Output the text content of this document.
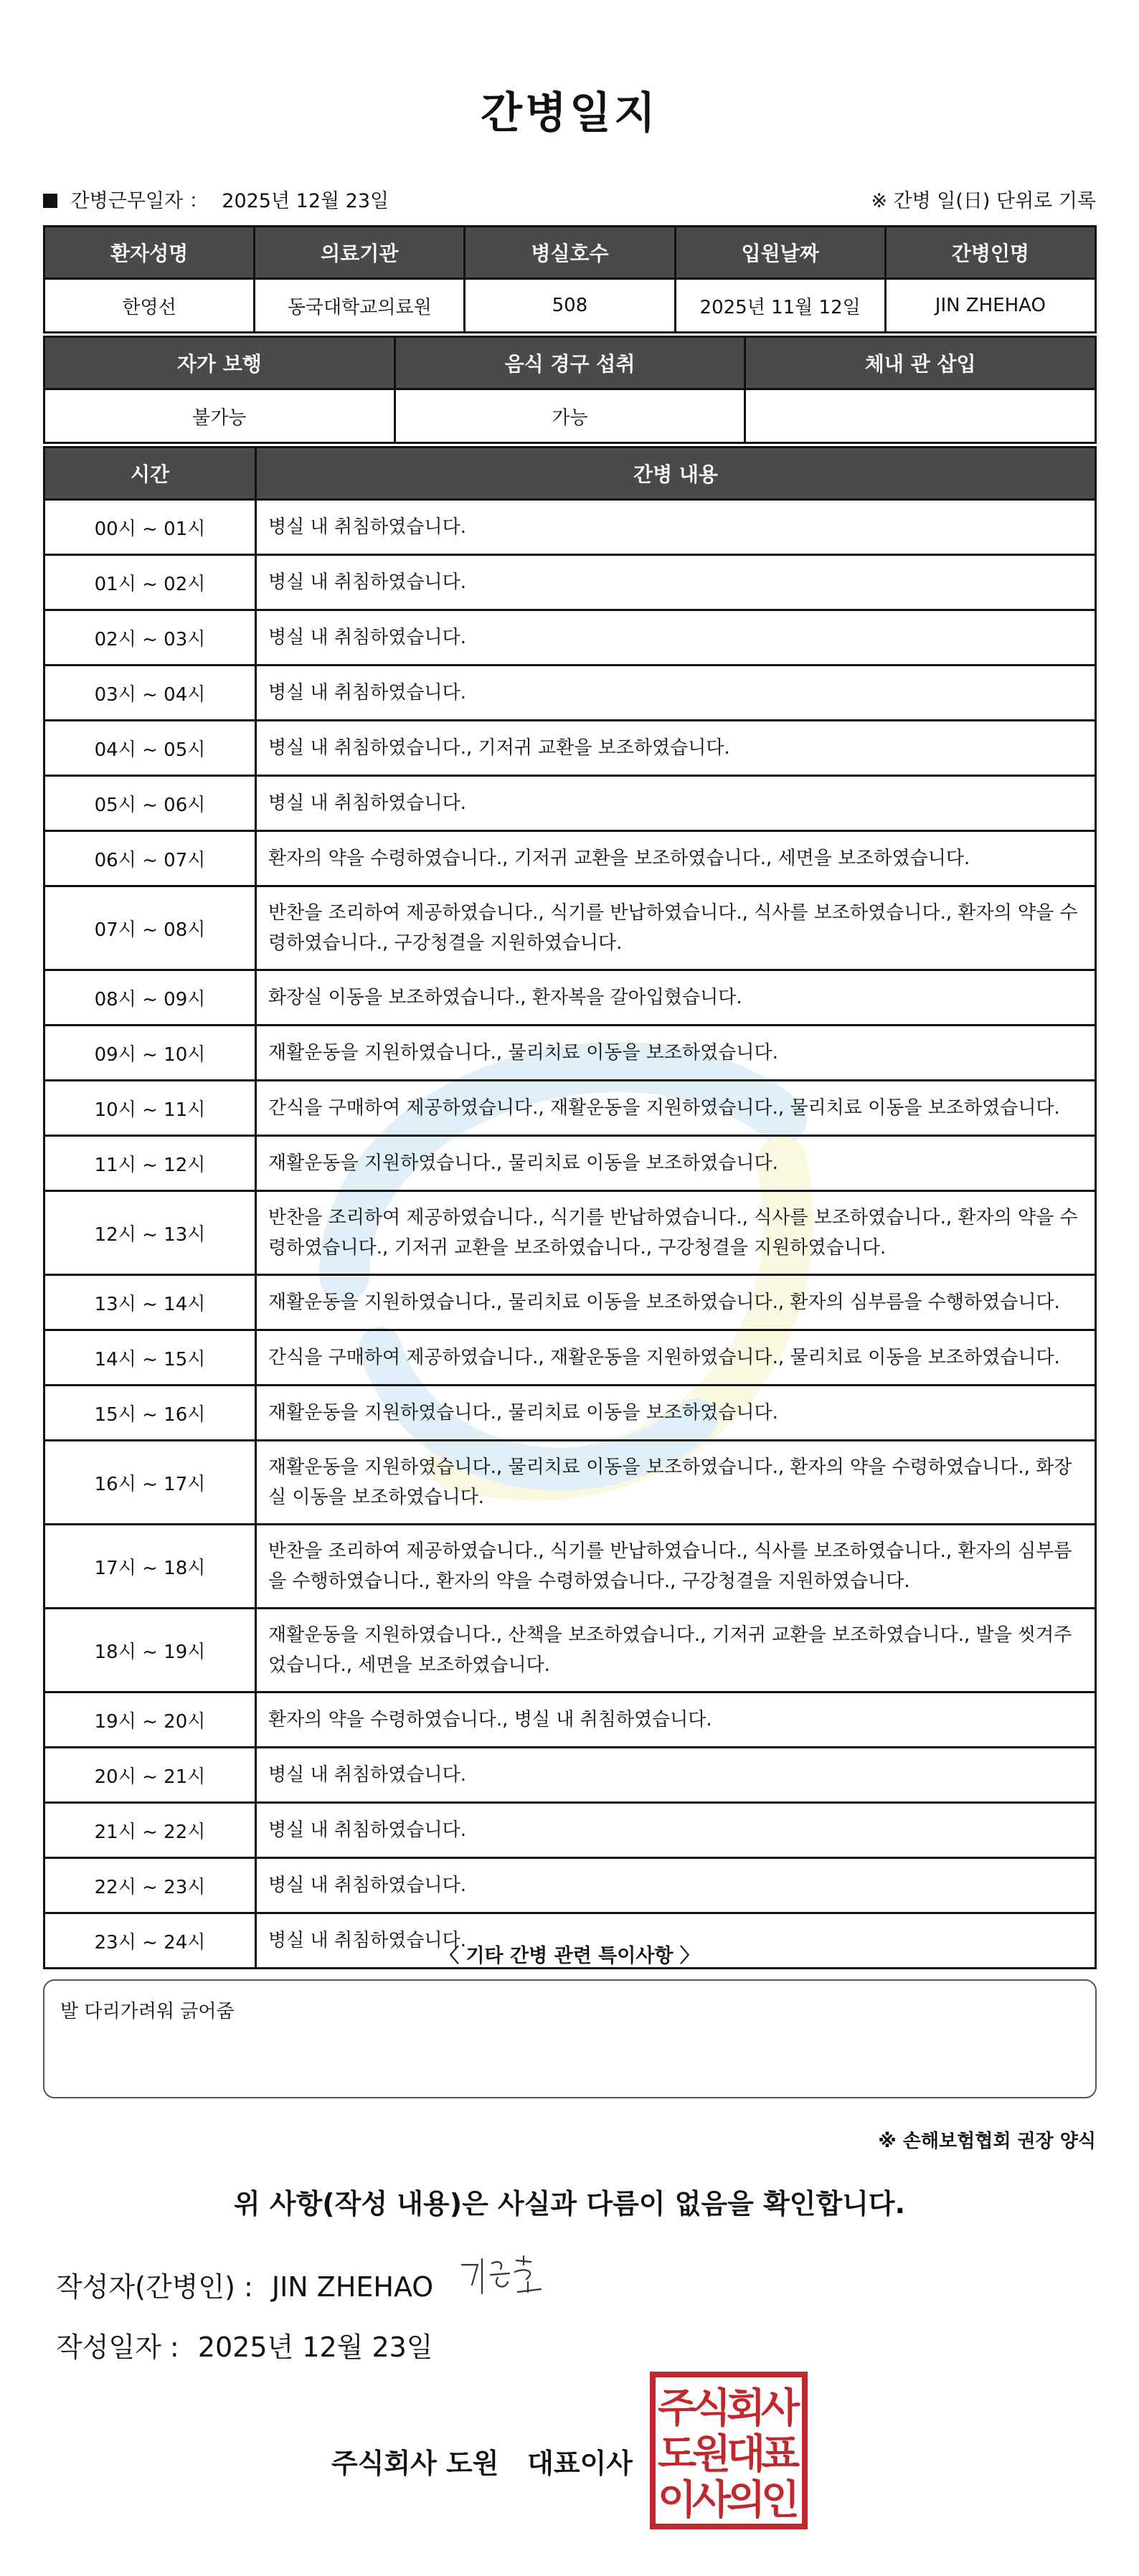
간병일지
간병근무일자 ： 2025년 12월 23일	※ 간병 일(日) 단위로 기록
환자성명	의료기관	병실호수	입원날짜	간병인명
한영선	동국대학교의료원	508	2025년 11월 12일	JIN ZHEHAO
자가 보행	음식 경구 섭취	체내 관 삽입
불가능	가능	
시간	간병 내용
00시 ~ 01시	병실 내 취침하였습니다.
01시 ~ 02시	병실 내 취침하였습니다.
02시 ~ 03시	병실 내 취침하였습니다.
03시 ~ 04시	병실 내 취침하였습니다.
04시 ~ 05시	병실 내 취침하였습니다., 기저귀 교환을 보조하였습니다.
05시 ~ 06시	병실 내 취침하였습니다.
06시 ~ 07시	환자의 약을 수령하였습니다., 기저귀 교환을 보조하였습니다., 세면을 보조하였습니다.
07시 ~ 08시	반찬을 조리하여 제공하였습니다., 식기를 반납하였습니다., 식사를 보조하였습니다., 환자의 약을 수령하였습니다., 구강청결을 지원하였습니다.
08시 ~ 09시	화장실 이동을 보조하였습니다., 환자복을 갈아입혔습니다.
09시 ~ 10시	재활운동을 지원하였습니다., 물리치료 이동을 보조하였습니다.
10시 ~ 11시	간식을 구매하여 제공하였습니다., 재활운동을 지원하였습니다., 물리치료 이동을 보조하였습니다.
11시 ~ 12시	재활운동을 지원하였습니다., 물리치료 이동을 보조하였습니다.
12시 ~ 13시	반찬을 조리하여 제공하였습니다., 식기를 반납하였습니다., 식사를 보조하였습니다., 환자의 약을 수령하였습니다., 기저귀 교환을 보조하였습니다., 구강청결을 지원하였습니다.
13시 ~ 14시	재활운동을 지원하였습니다., 물리치료 이동을 보조하였습니다., 환자의 심부름을 수행하였습니다.
14시 ~ 15시	간식을 구매하여 제공하였습니다., 재활운동을 지원하였습니다., 물리치료 이동을 보조하였습니다.
15시 ~ 16시	재활운동을 지원하였습니다., 물리치료 이동을 보조하였습니다.
16시 ~ 17시	재활운동을 지원하였습니다., 물리치료 이동을 보조하였습니다., 환자의 약을 수령하였습니다., 화장실 이동을 보조하였습니다.
17시 ~ 18시	반찬을 조리하여 제공하였습니다., 식기를 반납하였습니다., 식사를 보조하였습니다., 환자의 심부름을 수행하였습니다., 환자의 약을 수령하였습니다., 구강청결을 지원하였습니다.
18시 ~ 19시	재활운동을 지원하였습니다., 산책을 보조하였습니다., 기저귀 교환을 보조하였습니다., 발을 씻겨주었습니다., 세면을 보조하였습니다.
19시 ~ 20시	환자의 약을 수령하였습니다., 병실 내 취침하였습니다.
20시 ~ 21시	병실 내 취침하였습니다.
21시 ~ 22시	병실 내 취침하였습니다.
22시 ~ 23시	병실 내 취침하였습니다.
23시 ~ 24시	병실 내 취침하였습니다.
〈 기타 간병 관련 특이사항 〉
발 다리가려워 긁어줌
※ 손해보험협회 권장 양식
위 사항(작성 내용)은 사실과 다름이 없음을 확인합니다.
작성자(간병인) : JIN ZHEHAO
작성일자 : 2025년 12월 23일
주식회사 도원   대표이사
주
식
회
사
도
원
대
표
이
사
의
인
